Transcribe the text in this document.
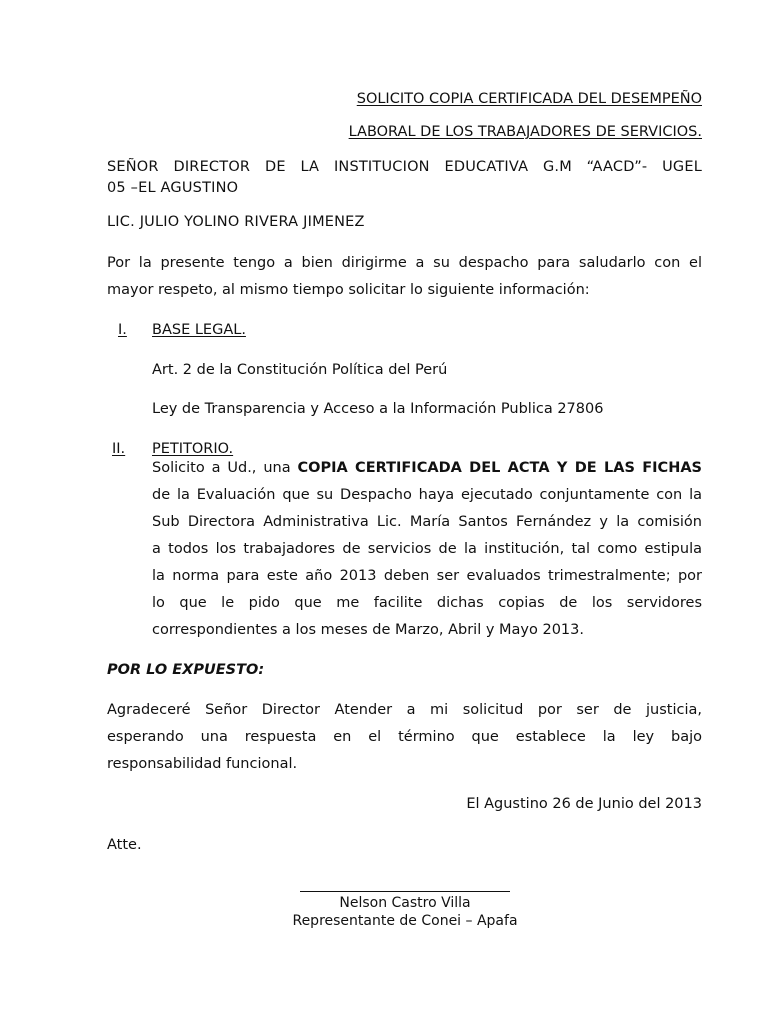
SOLICITO COPIA CERTIFICADA DEL DESEMPEÑO
LABORAL DE LOS TRABAJADORES DE SERVICIOS.
SEÑOR DIRECTOR DE LA INSTITUCION EDUCATIVA G.M “AACD”- UGEL
05 –EL AGUSTINO
LIC. JULIO YOLINO RIVERA JIMENEZ
Por la presente tengo a bien dirigirme a su despacho para saludarlo con el
mayor respeto, al mismo tiempo solicitar lo siguiente información:
I.	BASE LEGAL.
Art. 2 de la Constitución Política del Perú
Ley de Transparencia y Acceso a la Información Publica 27806
II.	PETITORIO.
Solicito a Ud., una COPIA CERTIFICADA DEL ACTA Y DE LAS FICHAS
de la Evaluación que su Despacho haya ejecutado conjuntamente con la
Sub Directora Administrativa Lic. María Santos Fernández y la comisión
a todos los trabajadores de servicios de la institución, tal como estipula
la norma para este año 2013 deben ser evaluados trimestralmente; por
lo que le pido que me facilite dichas copias de los servidores
correspondientes a los meses de Marzo, Abril y Mayo 2013.
POR LO EXPUESTO:
Agradeceré Señor Director Atender a mi solicitud por ser de justicia,
esperando una respuesta en el término que establece la ley bajo
responsabilidad funcional.
El Agustino 26 de Junio del 2013
Atte.
Nelson Castro Villa
Representante de Conei – Apafa
